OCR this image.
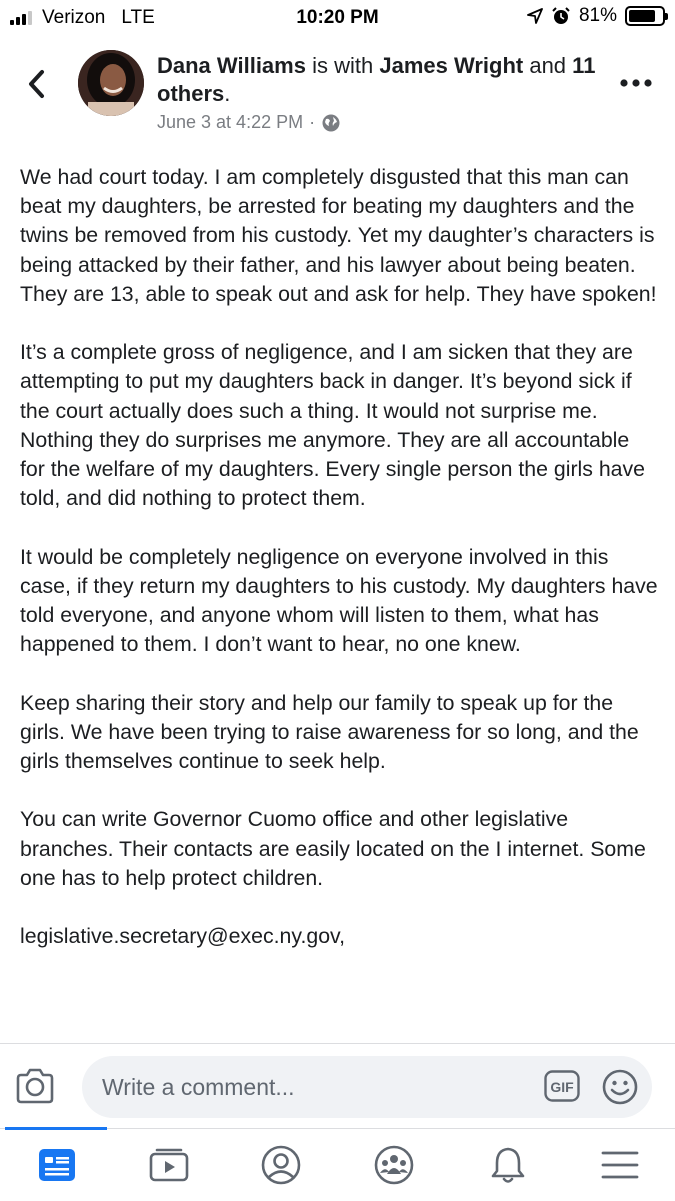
Verizon LTE	10:20 PM	81%
Dana Williams is with James Wright and 11 others.
June 3 at 4:22 PM ·

We had court today. I am completely disgusted that this man can beat my daughters, be arrested for beating my daughters and the twins be removed from his custody. Yet my daughter’s characters is being attacked by their father, and his lawyer about being beaten. They are 13, able to speak out and ask for help. They have spoken!

It’s a complete gross of negligence, and I am sicken that they are attempting to put my daughters back in danger. It’s beyond sick if the court actually does such a thing. It would not surprise me. Nothing they do surprises me anymore. They are all accountable for the welfare of my daughters. Every single person the girls have told, and did nothing to protect them.

It would be completely negligence on everyone involved in this case, if they return my daughters to his custody. My daughters have told everyone, and anyone whom will listen to them, what has happened to them. I don’t want to hear, no one knew.

Keep sharing their story and help our family to speak up for the girls. We have been trying to raise awareness for so long, and the girls themselves continue to seek help.

You can write Governor Cuomo office and other legislative branches. Their contacts are easily located on the I internet. Some one has to help protect children.

legislative.secretary@exec.ny.gov,

Write a comment...
GIF
